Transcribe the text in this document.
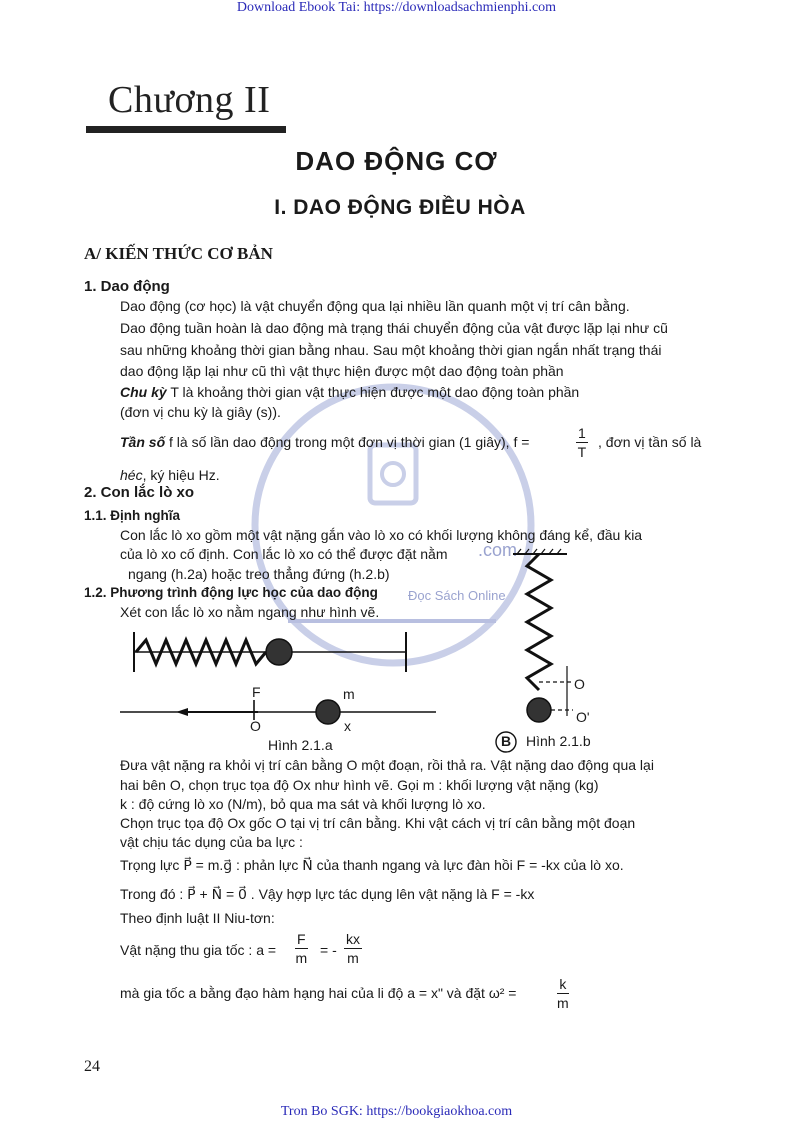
Download Ebook Tai: https://downloadsachmienphi.com
Tron Bo SGK: https://bookgiaokhoa.com
.com
Đọc Sách Online
Chương II
DAO ĐỘNG CƠ
I. DAO ĐỘNG ĐIỀU HÒA
A/ KIẾN THỨC CƠ BẢN
1. Dao động
Dao động (cơ học) là vật chuyển động qua lại nhiều lần quanh một vị trí cân bằng.
Dao động tuần hoàn là dao động mà trạng thái chuyển động của vật được lặp lại như cũ
sau những khoảng thời gian bằng nhau. Sau một khoảng thời gian ngắn nhất trạng thái
dao động lặp lại như cũ thì vật thực hiện được một dao động toàn phần
Chu kỳ T là khoảng thời gian vật thực hiện được một dao động toàn phần
(đơn vị chu kỳ là giây (s)).
Tần số f là số lần dao động trong một đơn vị thời gian (1 giây), f =	$\frac{1}{T}$ , đơn vị tần số là
héc, ký hiệu Hz.
2. Con lắc lò xo
1.1. Định nghĩa
Con lắc lò xo gồm một vật nặng gắn vào lò xo có khối lượng không đáng kể, đầu kia
của lò xo cố định. Con lắc lò xo có thể được đặt nằm
ngang (h.2a) hoặc treo thẳng đứng (h.2.b)
1.2. Phương trình động lực học của dao động
Xét con lắc lò xo nằm ngang như hình vẽ.
F	m
O	x
Hình 2.1.a
O
O'
B Hình 2.1.b
Đưa vật nặng ra khỏi vị trí cân bằng O một đoạn, rồi thả ra. Vật nặng dao động qua lại
hai bên O, chọn trục tọa độ Ox như hình vẽ. Gọi m : khối lượng vật nặng (kg)
k : độ cứng lò xo (N/m), bỏ qua ma sát và khối lượng lò xo.
Chọn trục tọa độ Ox gốc O tại vị trí cân bằng. Khi vật cách vị trí cân bằng một đoạn
vật chịu tác dụng của ba lực :
Trọng lực P⃗ = m.g⃗ : phản lực N⃗ của thanh ngang và lực đàn hồi F = -kx của lò xo.
Trong đó : P⃗ + N⃗ = 0⃗ . Vậy hợp lực tác dụng lên vật nặng là F = -kx
Theo định luật II Niu-tơn:
Vật nặng thu gia tốc : $a = \frac{F}{m}$ = - $\frac{kx}{m}$
mà gia tốc a bằng đạo hàm hạng hai của li độ a = x" và đặt ω² =	$\frac{k}{m}$
24
